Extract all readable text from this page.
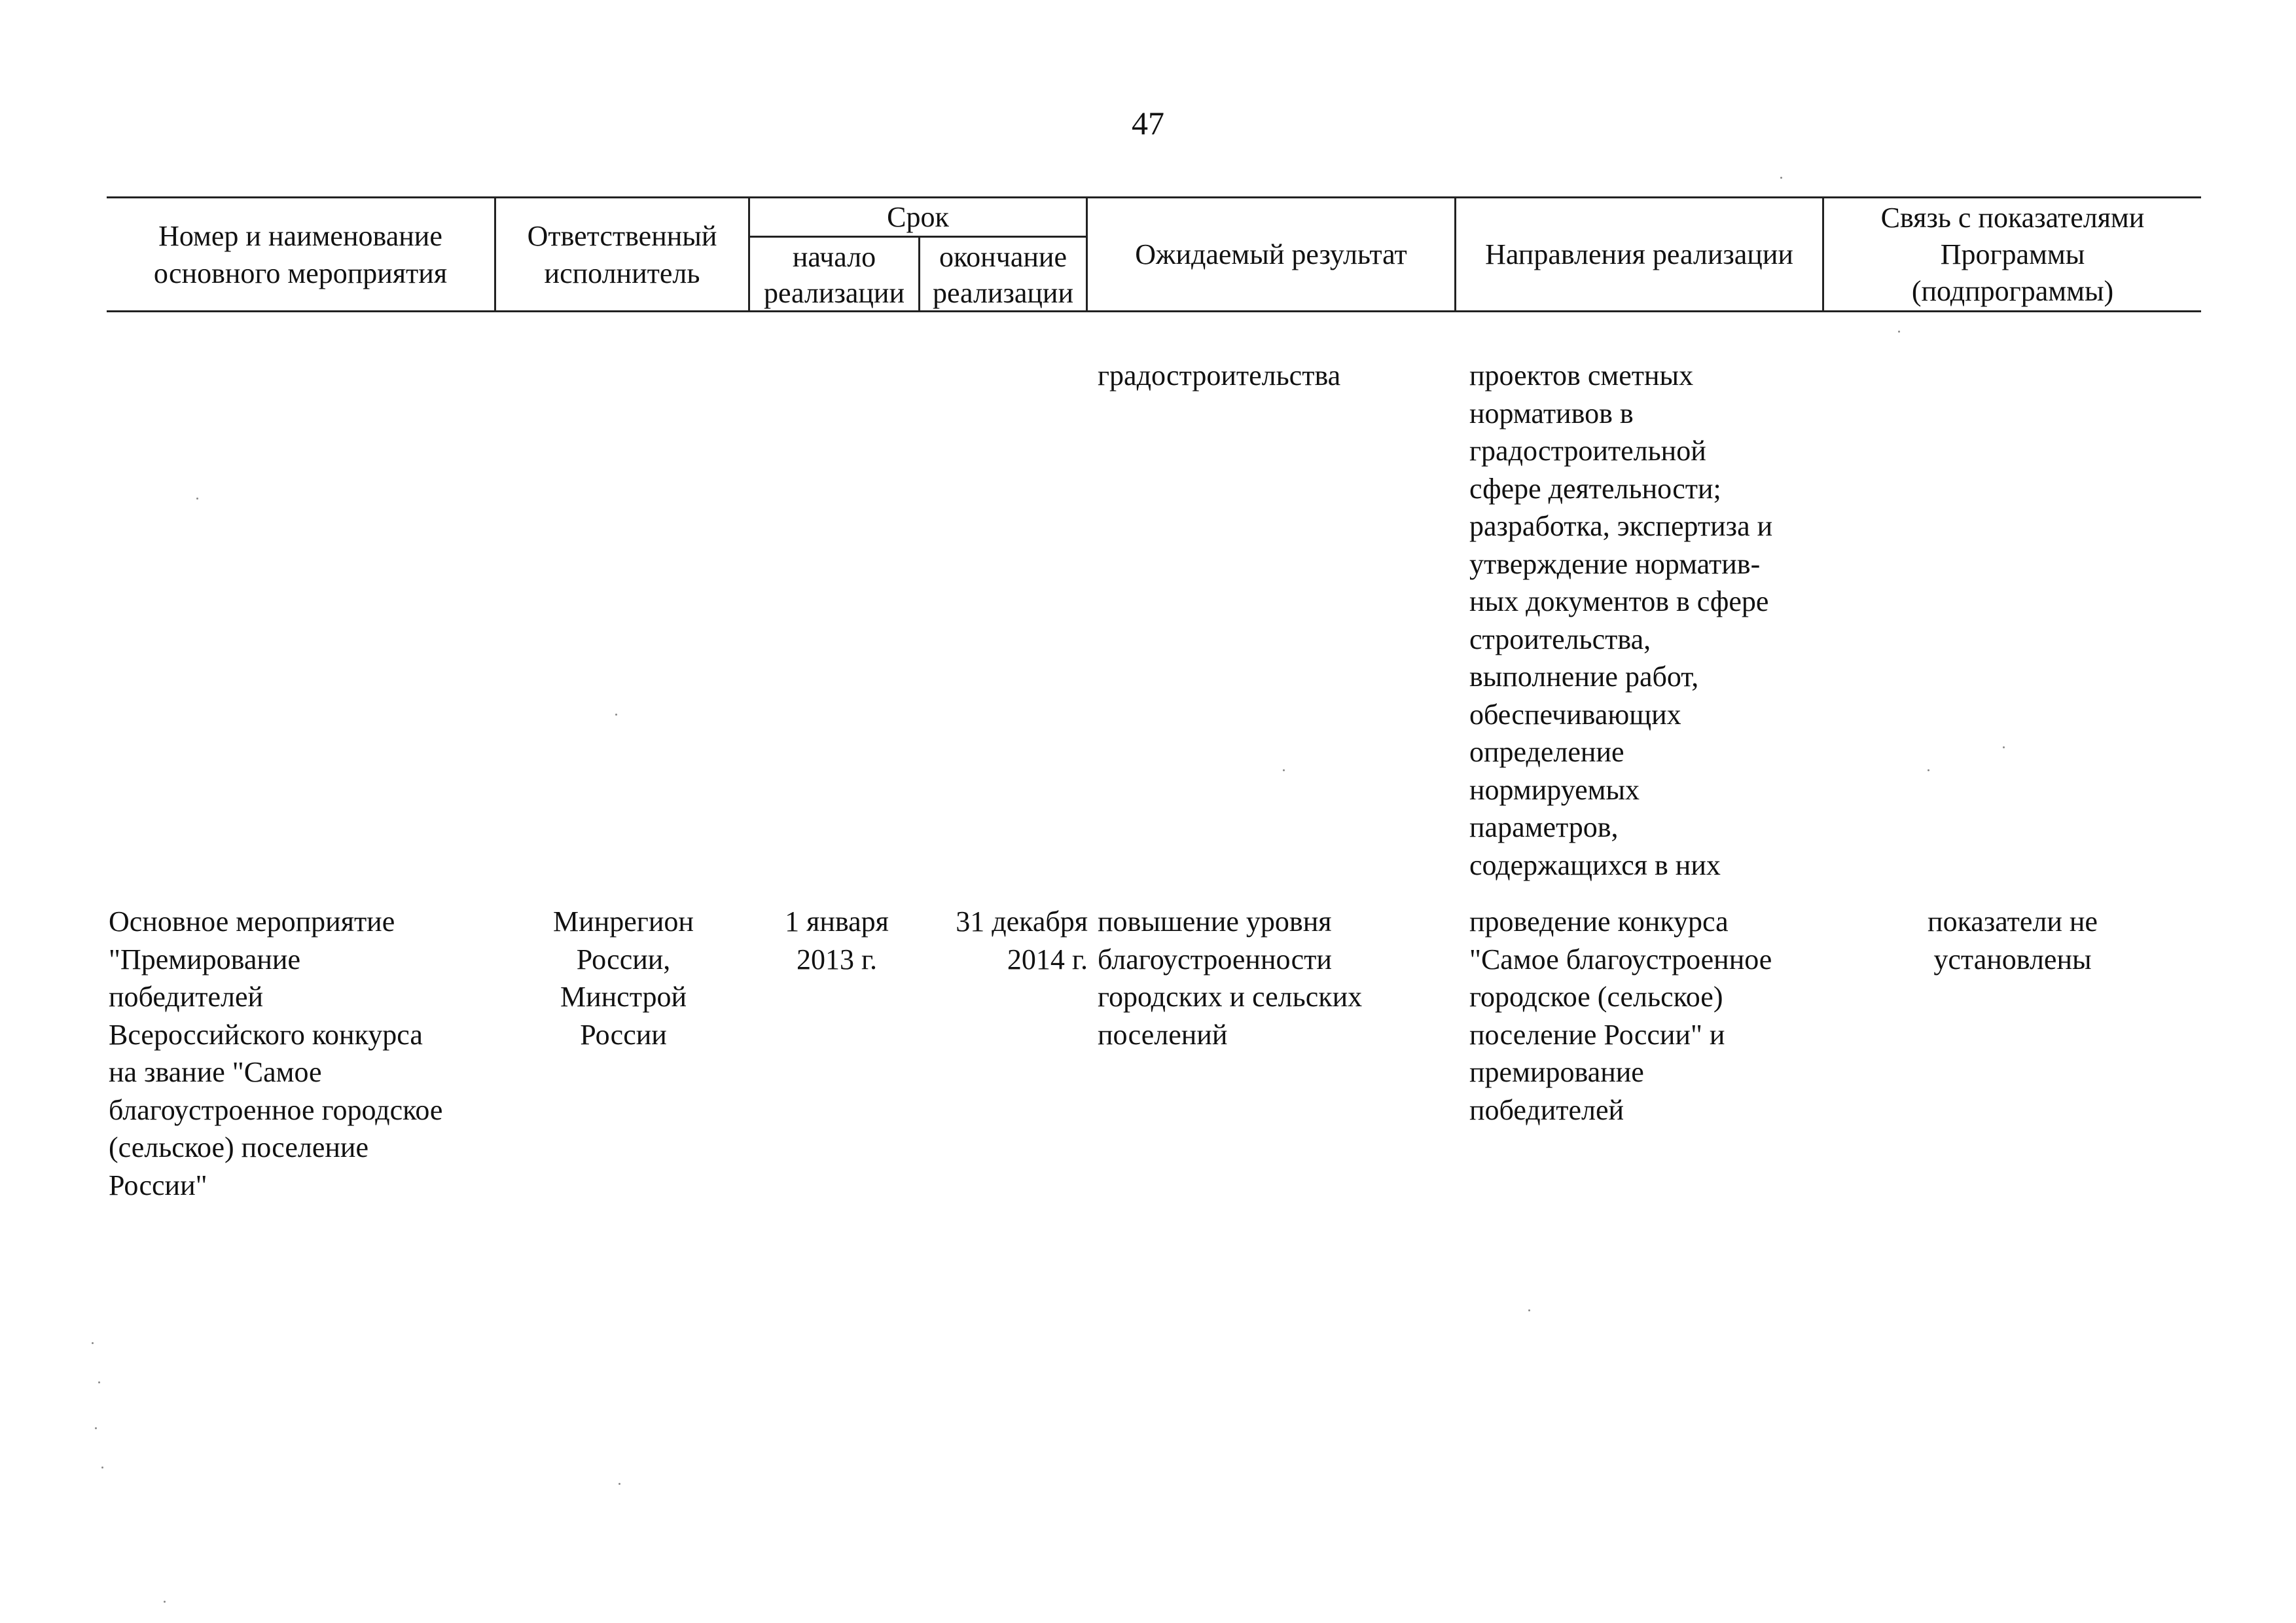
47
Номер и наименование
основного мероприятия
Ответственный
исполнитель
Срок
начало
реализации
окончание
реализации
Ожидаемый результат	Направления реализации
Связь с показателями
Программы
(подпрограммы)
градостроительства	проектов сметных
нормативов в
градостроительной
сфере деятельности;
разработка, экспертиза и
утверждение норматив-
ных документов в сфере
строительства,
выполнение работ,
обеспечивающих
определение
нормируемых
параметров,
содержащихся в них
Основное мероприятие
"Премирование
победителей
Всероссийского конкурса
на звание "Самое
благоустроенное городское
(сельское) поселение
России"
Минрегион
России,
Минстрой
России
1 января
2013 г.
31 декабря
2014 г.
повышение уровня
благоустроенности
городских и сельских
поселений
проведение конкурса
"Самое благоустроенное
городское (сельское)
поселение России" и
премирование
победителей
показатели не
установлены
